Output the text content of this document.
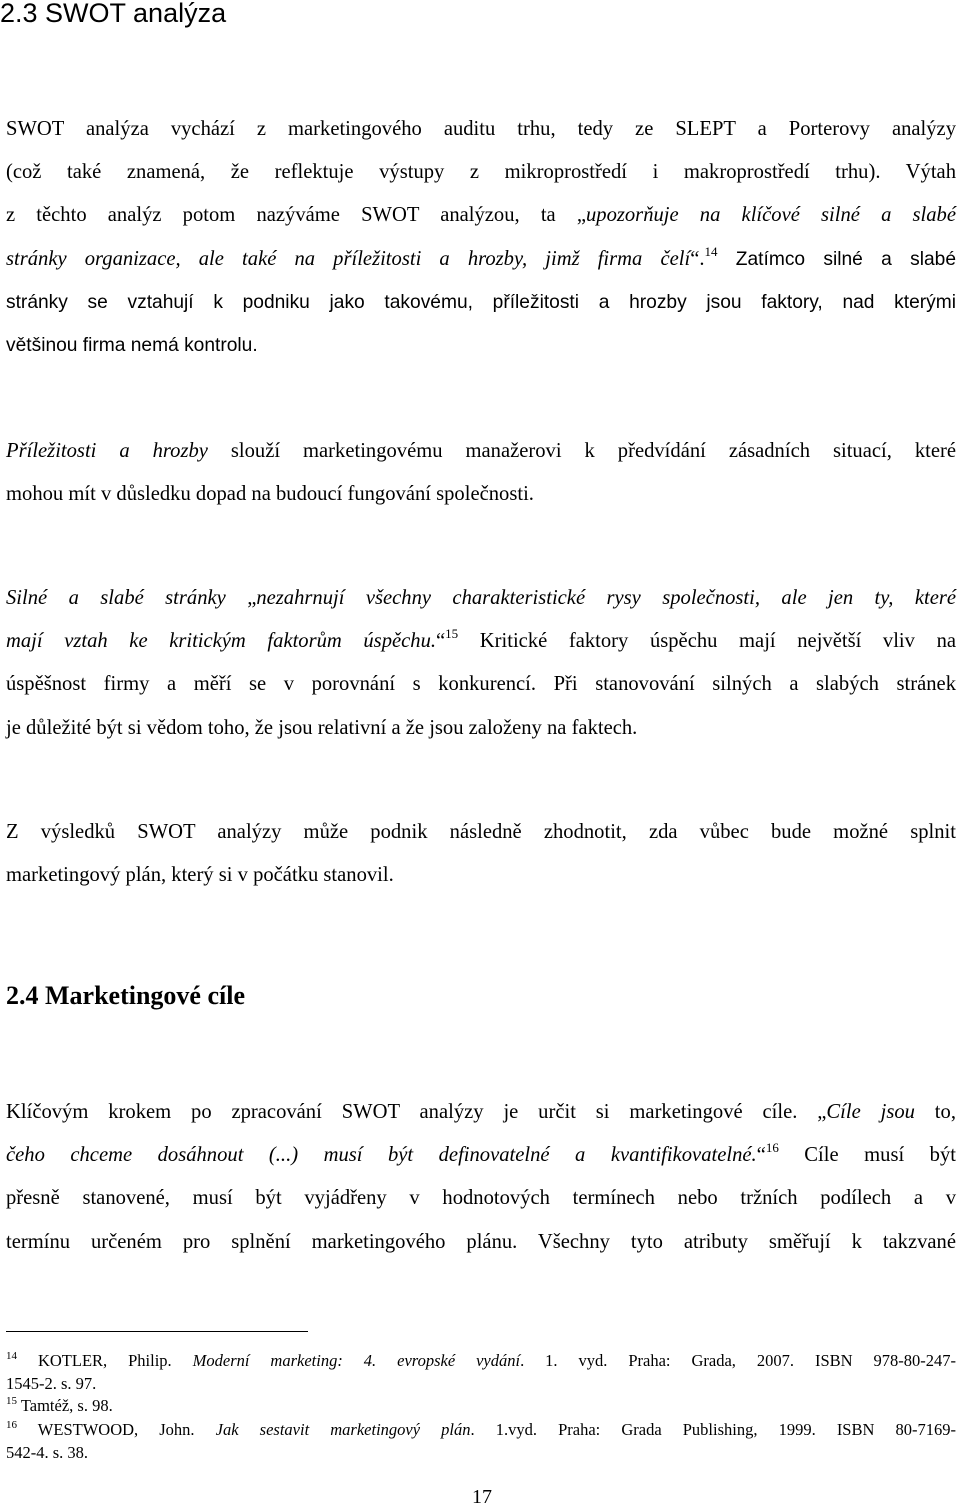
2.3 SWOT analýza

SWOT analýza vychází z marketingového auditu trhu, tedy ze SLEPT a Porterovy analýzy
(což také znamená, že reflektuje výstupy z mikroprostředí i makroprostředí trhu). Výtah
z těchto analýz potom nazýváme SWOT analýzou, ta „upozorňuje na klíčové silné a slabé
stránky organizace, ale také na příležitosti a hrozby, jimž firma čelí“.$^{14}$ Zatímco silné a slabé
stránky se vztahují k podniku jako takovému, příležitosti a hrozby jsou faktory, nad kterými
většinou firma nemá kontrolu.

Příležitosti a hrozby slouží marketingovému manažerovi k předvídání zásadních situací, které
mohou mít v důsledku dopad na budoucí fungování společnosti.

Silné a slabé stránky „nezahrnují všechny charakteristické rysy společnosti, ale jen ty, které
mají vztah ke kritickým faktorům úspěchu.“$^{15}$ Kritické faktory úspěchu mají největší vliv na
úspěšnost firmy a měří se v porovnání s konkurencí. Při stanovování silných a slabých stránek
je důležité být si vědom toho, že jsou relativní a že jsou založeny na faktech.

Z výsledků SWOT analýzy může podnik následně zhodnotit, zda vůbec bude možné splnit
marketingový plán, který si v počátku stanovil.

2.4 Marketingové cíle

Klíčovým krokem po zpracování SWOT analýzy je určit si marketingové cíle. „Cíle jsou to,
čeho chceme dosáhnout (...) musí být definovatelné a kvantifikovatelné.“$^{16}$ Cíle musí být
přesně stanovené, musí být vyjádřeny v hodnotových termínech nebo tržních podílech a v
termínu určeném pro splnění marketingového plánu. Všechny tyto atributy směřují k takzvané

$^{14}$ KOTLER, Philip. Moderní marketing: 4. evropské vydání. 1. vyd. Praha: Grada, 2007. ISBN 978-80-247-
1545-2. s. 97.

$^{15}$ Tamtéž, s. 98.

$^{16}$ WESTWOOD, John. Jak sestavit marketingový plán. 1.vyd. Praha: Grada Publishing, 1999. ISBN 80-7169-
542-4. s. 38.

17
